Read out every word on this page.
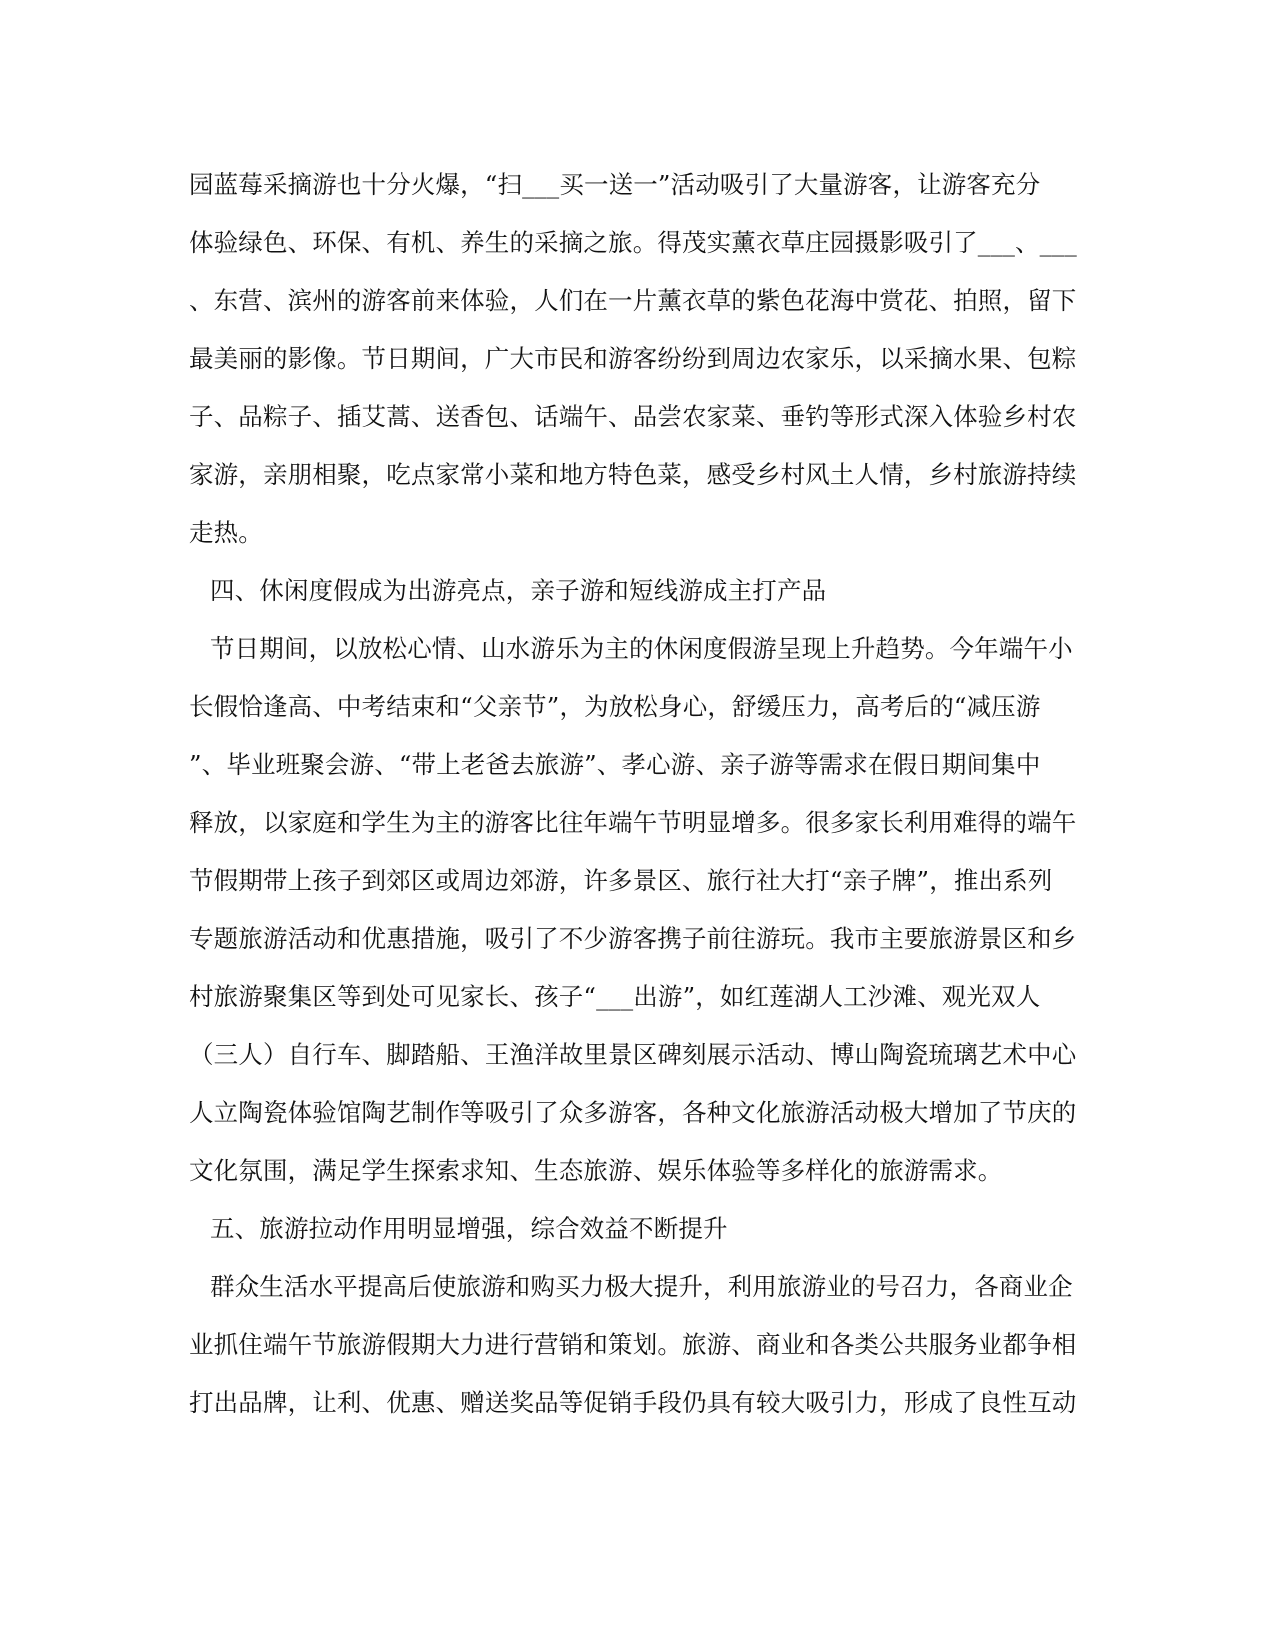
园蓝莓采摘游也十分火爆，“扫___买一送一”活动吸引了大量游客，让游客充分
体验绿色、环保、有机、养生的采摘之旅。得茂实薰衣草庄园摄影吸引了___、___
、东营、滨州的游客前来体验，人们在一片薰衣草的紫色花海中赏花、拍照，留下
最美丽的影像。节日期间，广大市民和游客纷纷到周边农家乐，以采摘水果、包粽
子、品粽子、插艾蒿、送香包、话端午、品尝农家菜、垂钓等形式深入体验乡村农
家游，亲朋相聚，吃点家常小菜和地方特色菜，感受乡村风土人情，乡村旅游持续
走热。
四、休闲度假成为出游亮点，亲子游和短线游成主打产品
节日期间，以放松心情、山水游乐为主的休闲度假游呈现上升趋势。今年端午小
长假恰逢高、中考结束和“父亲节”，为放松身心，舒缓压力，高考后的“减压游
”、毕业班聚会游、“带上老爸去旅游”、孝心游、亲子游等需求在假日期间集中
释放，以家庭和学生为主的游客比往年端午节明显增多。很多家长利用难得的端午
节假期带上孩子到郊区或周边郊游，许多景区、旅行社大打“亲子牌”，推出系列
专题旅游活动和优惠措施，吸引了不少游客携子前往游玩。我市主要旅游景区和乡
村旅游聚集区等到处可见家长、孩子“___出游”，如红莲湖人工沙滩、观光双人
（三人）自行车、脚踏船、王渔洋故里景区碑刻展示活动、博山陶瓷琉璃艺术中心
人立陶瓷体验馆陶艺制作等吸引了众多游客，各种文化旅游活动极大增加了节庆的
文化氛围，满足学生探索求知、生态旅游、娱乐体验等多样化的旅游需求。
五、旅游拉动作用明显增强，综合效益不断提升
群众生活水平提高后使旅游和购买力极大提升，利用旅游业的号召力，各商业企
业抓住端午节旅游假期大力进行营销和策划。旅游、商业和各类公共服务业都争相
打出品牌，让利、优惠、赠送奖品等促销手段仍具有较大吸引力，形成了良性互动
